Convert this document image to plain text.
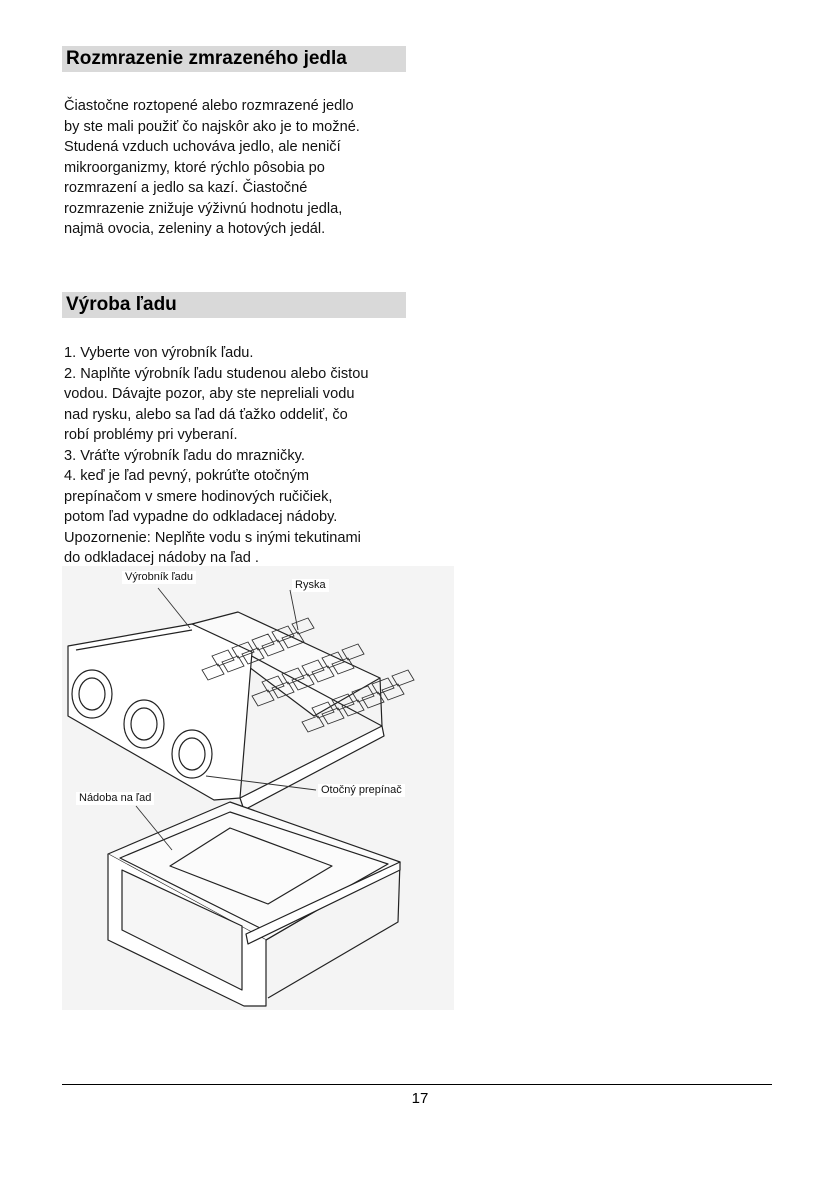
Rozmrazenie zmrazeného jedla

Čiastočne roztopené alebo rozmrazené jedlo

by ste mali použiť čo najskôr ako je to možné.

Studená vzduch uchováva jedlo, ale neničí

mikroorganizmy, ktoré rýchlo pôsobia po

rozmrazení a jedlo sa kazí. Čiastočné

rozmrazenie znižuje výživnú hodnotu jedla,

najmä ovocia, zeleniny a hotových jedál.

Výroba ľadu

1. Vyberte von výrobník ľadu.

2. Naplňte výrobník ľadu studenou alebo čistou

vodou. Dávajte pozor, aby ste nepreliali vodu

nad rysku, alebo sa ľad dá ťažko oddeliť, čo

robí problémy pri vyberaní.

3. Vráťte výrobník ľadu do mrazničky.

4. keď je ľad pevný, pokrúťte otočným

prepínačom v smere hodinových ručičiek,

potom ľad vypadne do odkladacej nádoby.

Upozornenie: Neplňte vodu s inými tekutinami

do odkladacej nádoby na ľad .

Výrobník ľadu
Ryska
Otočný prepínač
Nádoba na ľad
17
